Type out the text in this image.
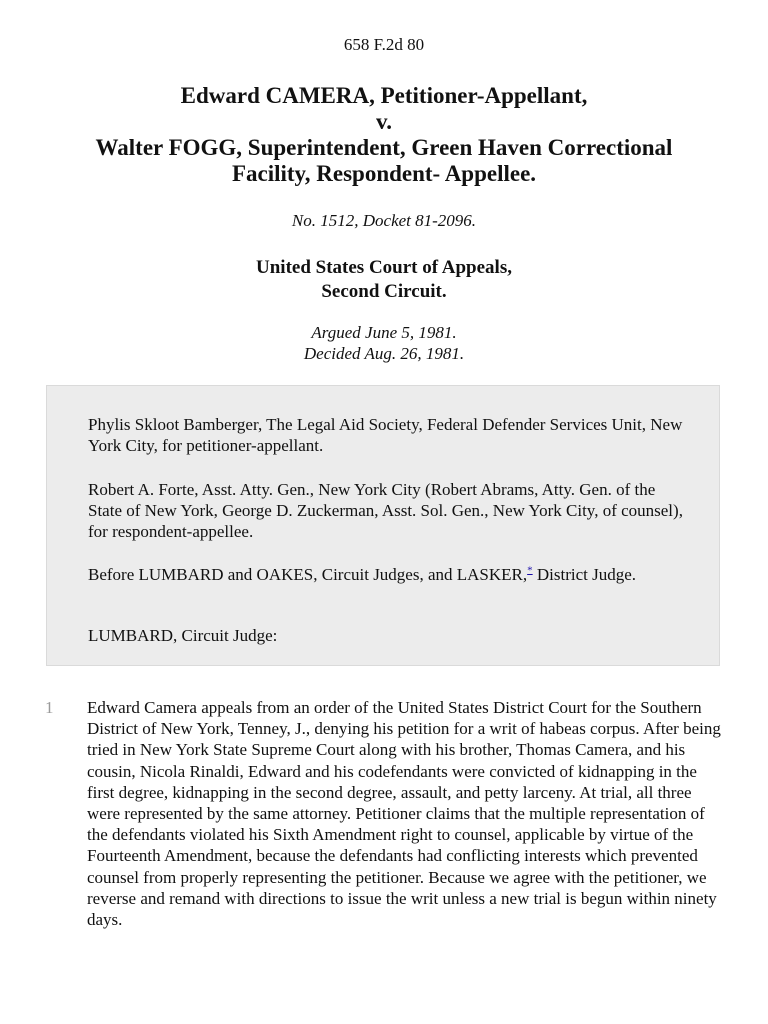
658 F.2d 80
Edward CAMERA, Petitioner-Appellant,
v.
Walter FOGG, Superintendent, Green Haven Correctional
Facility, Respondent- Appellee.
No. 1512, Docket 81-2096.
United States Court of Appeals,
Second Circuit.
Argued June 5, 1981.
Decided Aug. 26, 1981.

Phylis Skloot Bamberger, The Legal Aid Society, Federal Defender Services Unit, New York City, for petitioner-appellant.

Robert A. Forte, Asst. Atty. Gen., New York City (Robert Abrams, Atty. Gen. of the State of New York, George D. Zuckerman, Asst. Sol. Gen., New York City, of counsel), for respondent-appellee.

Before LUMBARD and OAKES, Circuit Judges, and LASKER,* District Judge.

LUMBARD, Circuit Judge:

1 Edward Camera appeals from an order of the United States District Court for the Southern District of New York, Tenney, J., denying his petition for a writ of habeas corpus. After being tried in New York State Supreme Court along with his brother, Thomas Camera, and his cousin, Nicola Rinaldi, Edward and his codefendants were convicted of kidnapping in the first degree, kidnapping in the second degree, assault, and petty larceny. At trial, all three were represented by the same attorney. Petitioner claims that the multiple representation of the defendants violated his Sixth Amendment right to counsel, applicable by virtue of the Fourteenth Amendment, because the defendants had conflicting interests which prevented counsel from properly representing the petitioner. Because we agree with the petitioner, we reverse and remand with directions to issue the writ unless a new trial is begun within ninety days.
